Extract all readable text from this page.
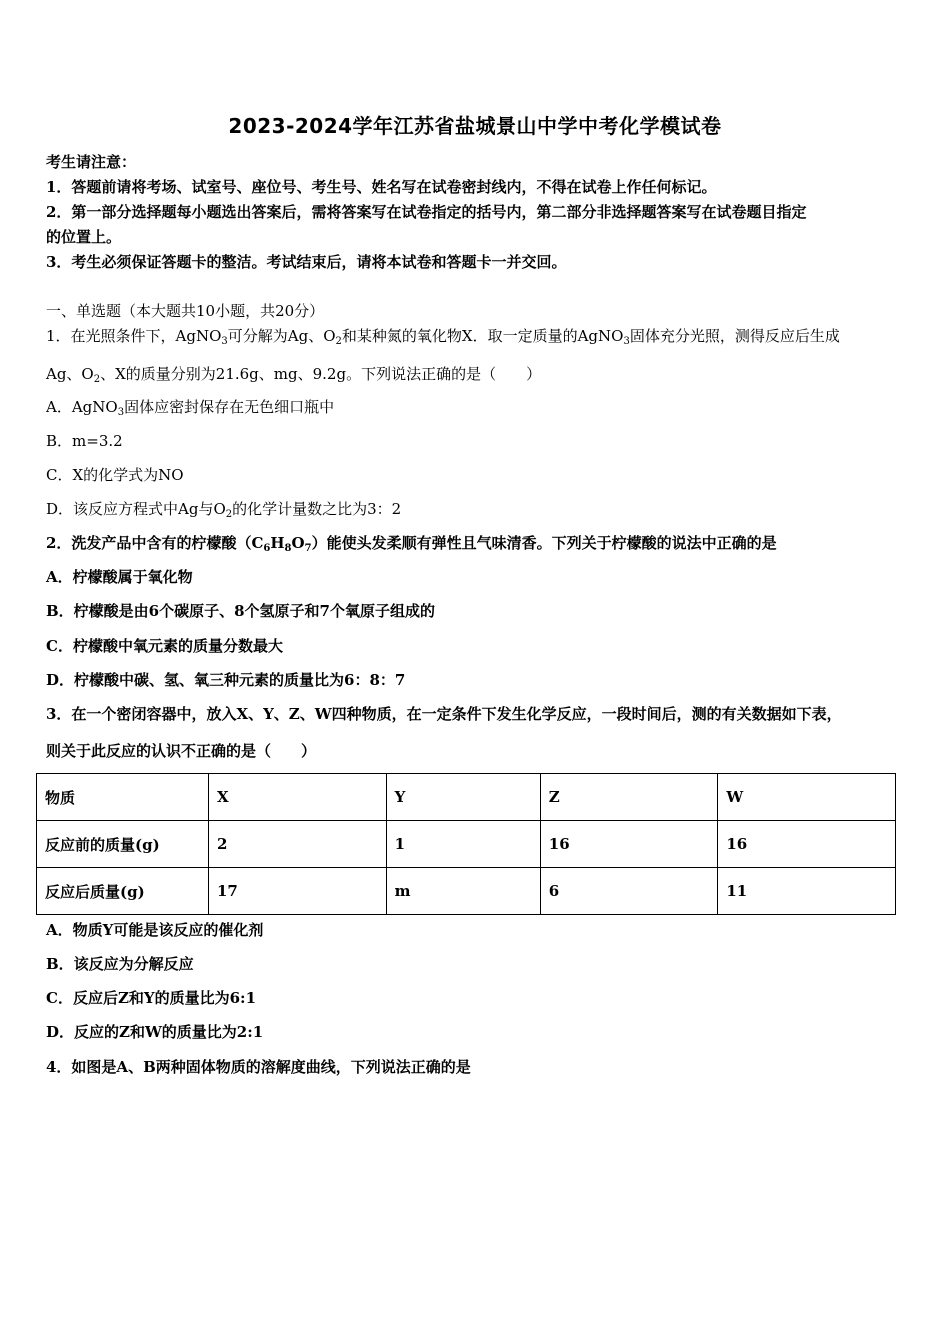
2023-2024学年江苏省盐城景山中学中考化学模试卷
考生请注意：
1．答题前请将考场、试室号、座位号、考生号、姓名写在试卷密封线内，不得在试卷上作任何标记。
2．第一部分选择题每小题选出答案后，需将答案写在试卷指定的括号内，第二部分非选择题答案写在试卷题目指定
的位置上。
3．考生必须保证答题卡的整洁。考试结束后，请将本试卷和答题卡一并交回。
一、单选题（本大题共10小题，共20分）
1．在光照条件下，AgNO$_3$可分解为Ag、$O_2$和某种氮的氧化物X．取一定质量的AgNO$_3$固体充分光照，测得反应后生成
Ag、$O_2$、X的质量分别为21.6g、mg、9.2g。下列说法正确的是（　　）
A．AgNO$_3$固体应密封保存在无色细口瓶中
B．m=3.2
C．X的化学式为NO
D．该反应方程式中Ag与$O_2$的化学计量数之比为3：2
2．洗发产品中含有的柠檬酸$(C_6H_8O_7)$能使头发柔顺有弹性且气味清香。下列关于柠檬酸的说法中正确的是
A．柠檬酸属于氧化物
B．柠檬酸是由6个碳原子、8个氢原子和7个氧原子组成的
C．柠檬酸中氧元素的质量分数最大
D．柠檬酸中碳、氢、氧三种元素的质量比为6：8：7
3．在一个密闭容器中，放入X、Y、Z、W四种物质，在一定条件下发生化学反应，一段时间后，测的有关数据如下表，
则关于此反应的认识不正确的是（　　）
物质	X	Y	Z	W
反应前的质量(g)	2	1	16	16
反应后质量(g)	17	m	6	11
A．物质Y可能是该反应的催化剂
B．该反应为分解反应
C．反应后Z和Y的质量比为6:1
D．反应的Z和W的质量比为2:1
4．如图是A、B两种固体物质的溶解度曲线，下列说法正确的是
